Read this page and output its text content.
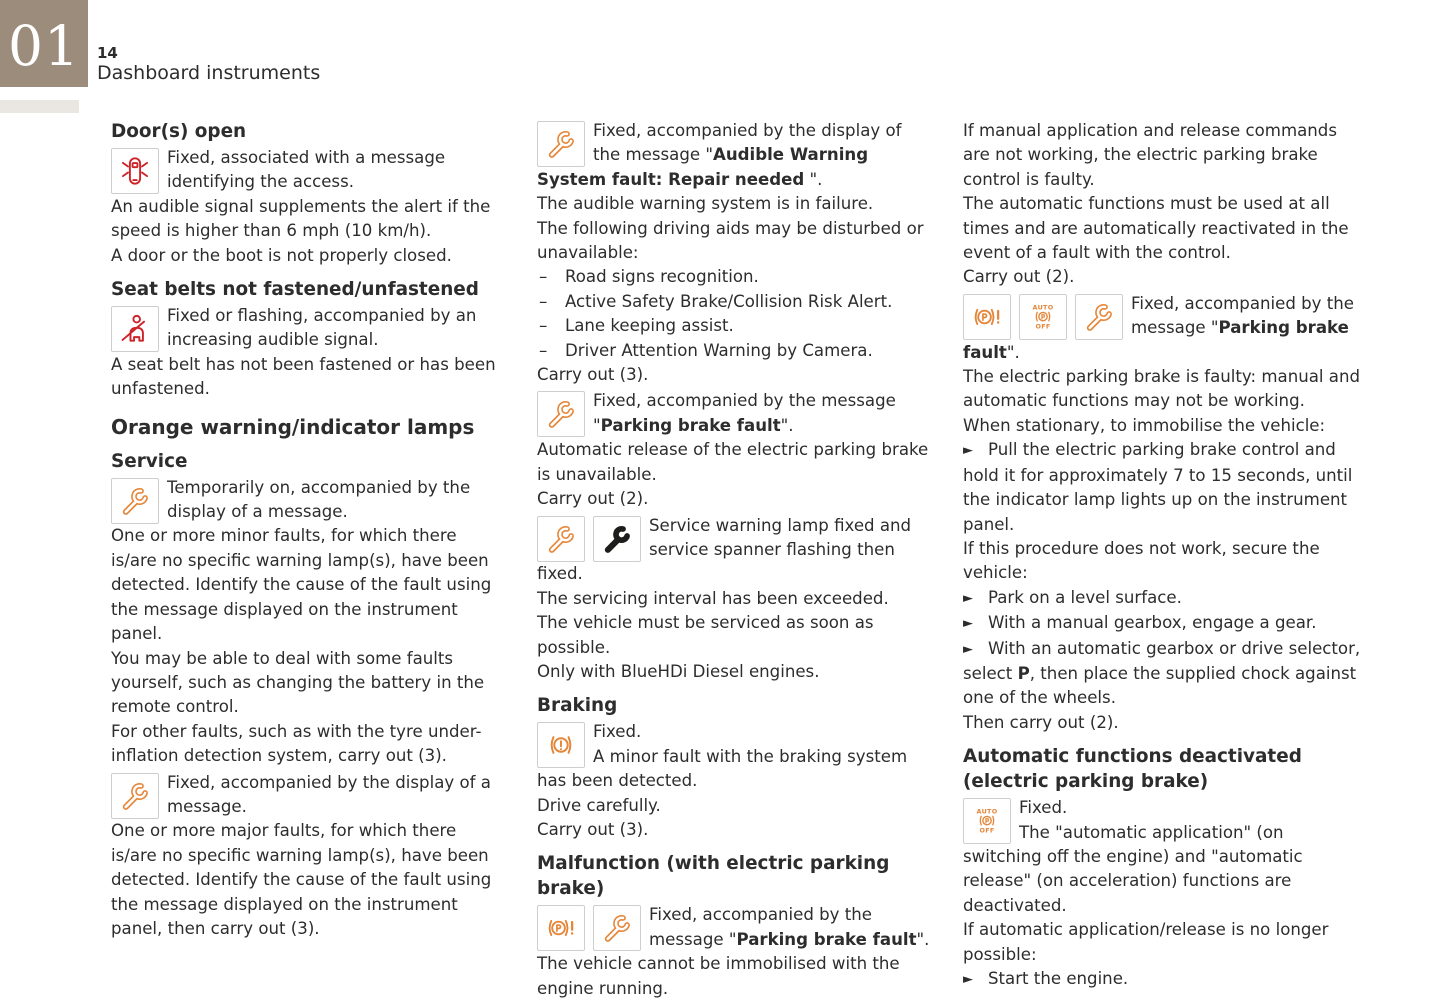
01 14
Dashboard instruments
Door(s) open
Fixed, associated with a message identifying the access.

An audible signal supplements the alert if the speed is higher than 6 mph (10 km/h).

A door or the boot is not properly closed.

Seat belts not fastened/unfastened
Fixed or flashing, accompanied by an increasing audible signal.

A seat belt has not been fastened or has been unfastened.

Orange warning/indicator lamps
Service
Temporarily on, accompanied by the display of a message.

One or more minor faults, for which there is/are no specific warning lamp(s), have been detected. Identify the cause of the fault using the message displayed on the instrument panel.

You may be able to deal with some faults yourself, such as changing the battery in the remote control.

For other faults, such as with the tyre under-inflation detection system, carry out (3).

Fixed, accompanied by the display of a message.

One or more major faults, for which there is/are no specific warning lamp(s), have been detected. Identify the cause of the fault using the message displayed on the instrument panel, then carry out (3).

Fixed, accompanied by the display of the message "Audible Warning System fault: Repair needed ".

The audible warning system is in failure.

The following driving aids may be disturbed or unavailable:

– Road signs recognition.

– Active Safety Brake/Collision Risk Alert.

– Lane keeping assist.

– Driver Attention Warning by Camera.

Carry out (3).

Fixed, accompanied by the message "Parking brake fault".

Automatic release of the electric parking brake is unavailable.

Carry out (2).

Service warning lamp fixed and service spanner flashing then fixed.

The servicing interval has been exceeded.

The vehicle must be serviced as soon as possible.

Only with BlueHDi Diesel engines.

Braking
Fixed.
A minor fault with the braking system has been detected.

Drive carefully.

Carry out (3).

Malfunction (with electric parking brake)
Fixed, accompanied by the message "Parking brake fault".

The vehicle cannot be immobilised with the engine running.

If manual application and release commands are not working, the electric parking brake control is faulty.

The automatic functions must be used at all times and are automatically reactivated in the event of a fault with the control.

Carry out (2).

AUTO
OFF
Fixed, accompanied by the message "Parking brake fault".

The electric parking brake is faulty: manual and automatic functions may not be working.

When stationary, to immobilise the vehicle:

► Pull the electric parking brake control and hold it for approximately 7 to 15 seconds, until the indicator lamp lights up on the instrument panel.

If this procedure does not work, secure the vehicle:

► Park on a level surface.

► With a manual gearbox, engage a gear.

► With an automatic gearbox or drive selector, select P, then place the supplied chock against one of the wheels.

Then carry out (2).

Automatic functions deactivated (electric parking brake)
AUTO
OFF
Fixed.
The "automatic application" (on switching off the engine) and "automatic release" (on acceleration) functions are deactivated.

If automatic application/release is no longer possible:

► Start the engine.
